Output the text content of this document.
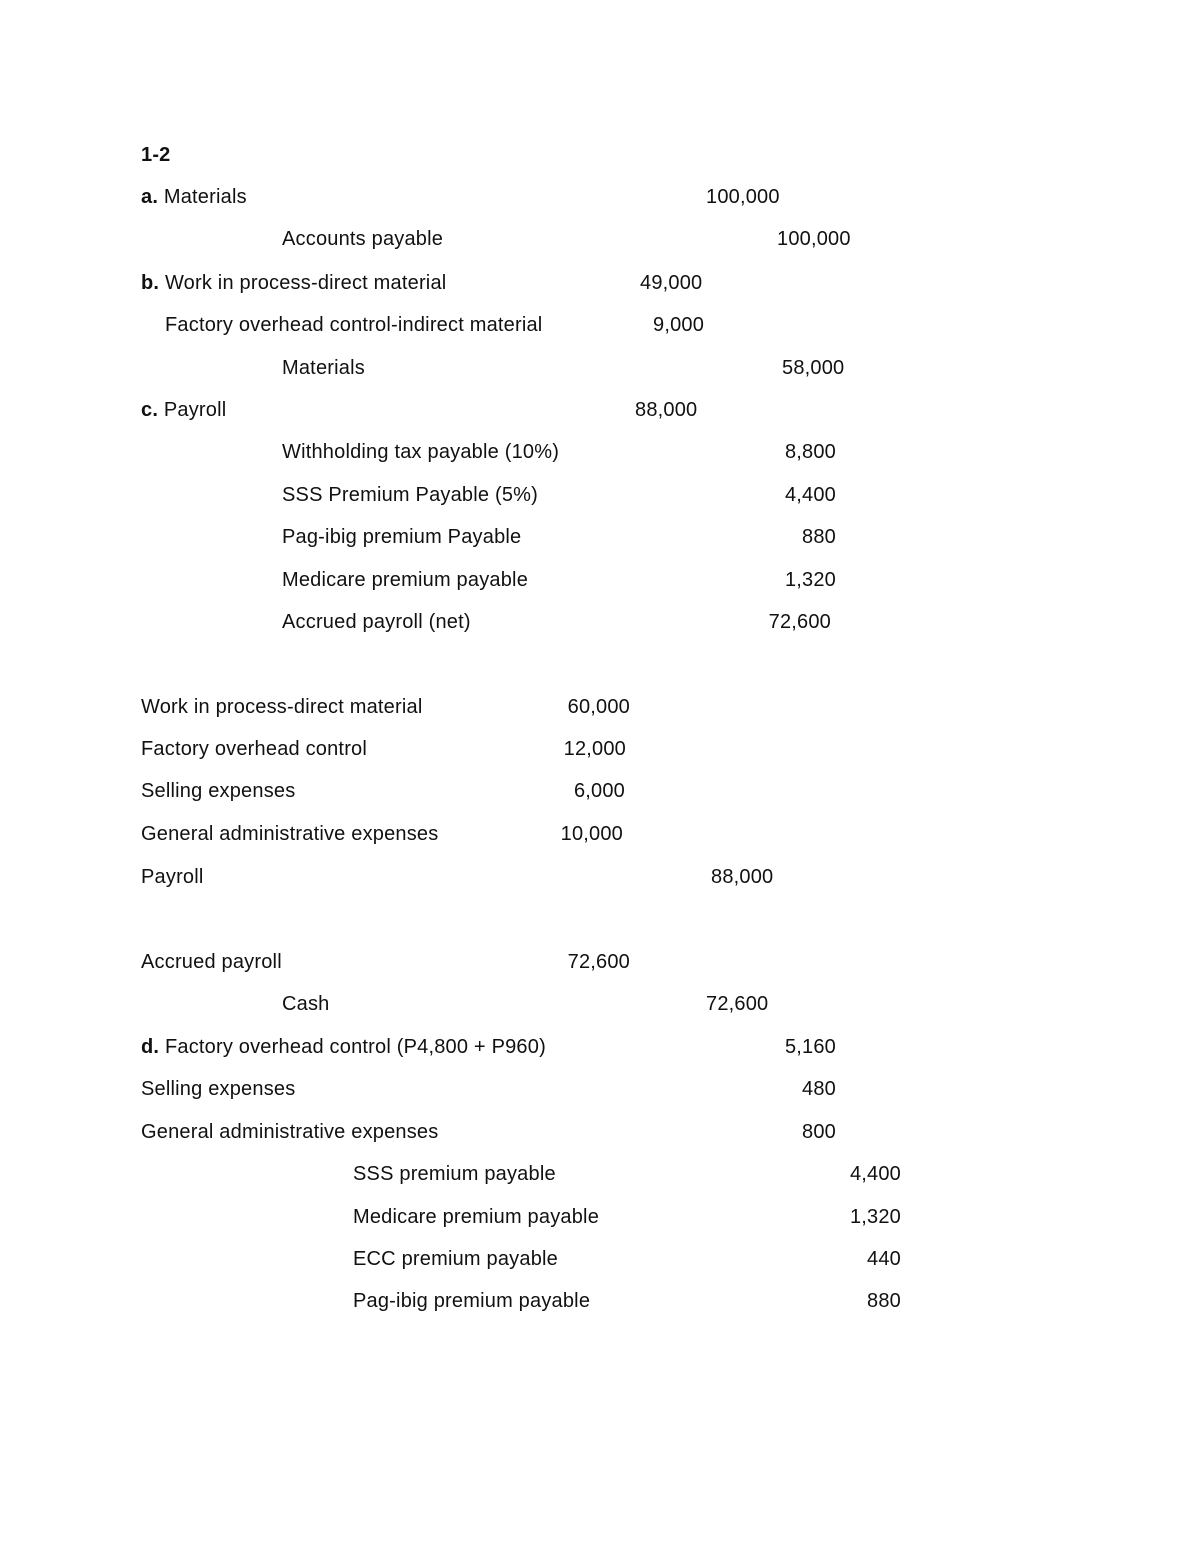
1-2
a. Materials	100,000
Accounts payable	100,000
b. Work in process-direct material	49,000
Factory overhead control-indirect material	9,000
Materials	58,000
c. Payroll	88,000
Withholding tax payable (10%)	8,800
SSS Premium Payable (5%)	4,400
Pag-ibig premium Payable	880
Medicare premium payable	1,320
Accrued payroll (net)	72,600
Work in process-direct material	60,000
Factory overhead control	12,000
Selling expenses	6,000
General administrative expenses	10,000
Payroll	88,000
Accrued payroll	72,600
Cash	72,600
d. Factory overhead control (P4,800 + P960)	5,160
Selling expenses	480
General administrative expenses	800
SSS premium payable	4,400
Medicare premium payable	1,320
ECC premium payable	440
Pag-ibig premium payable	880
